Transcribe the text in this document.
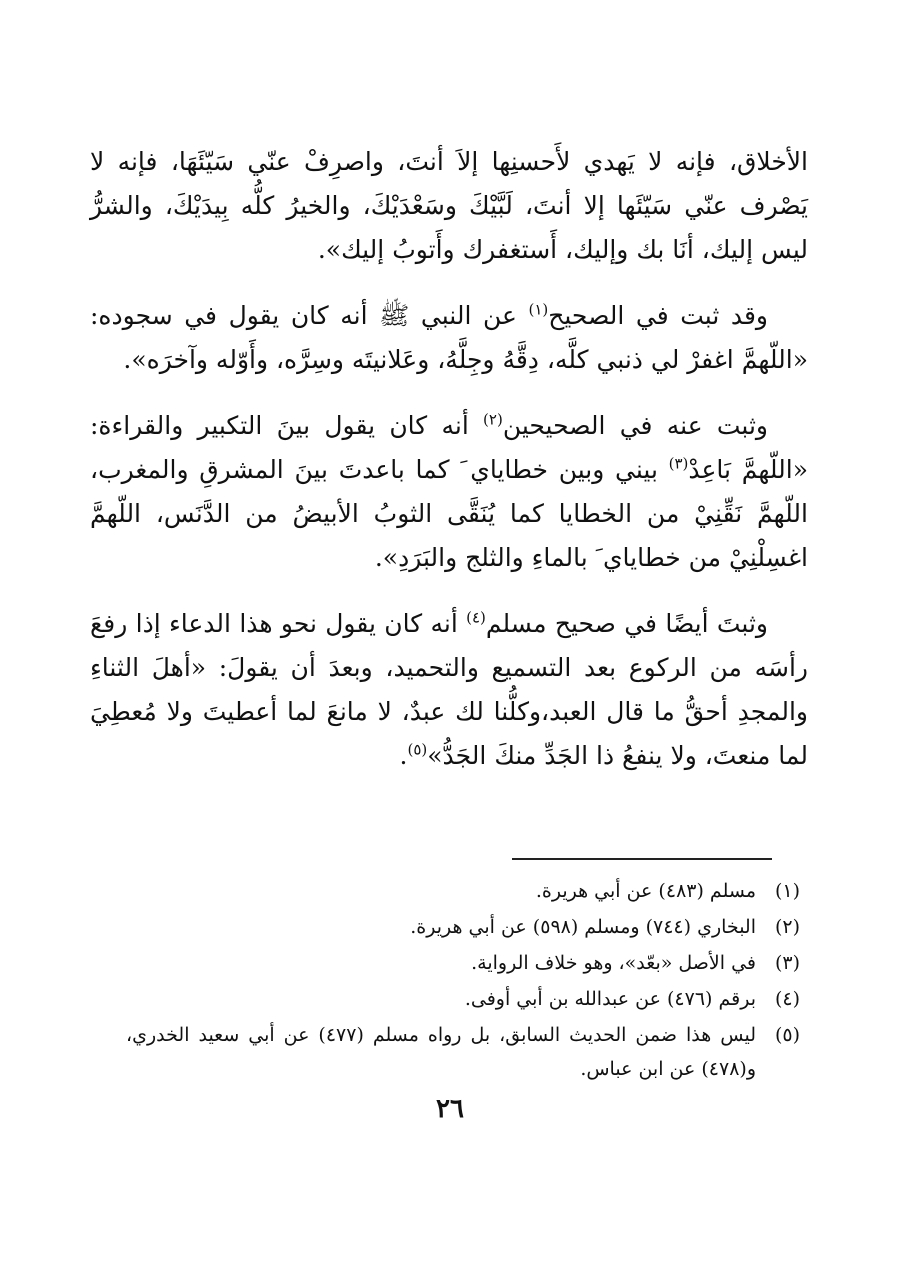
الأخلاق، فإنه لا يَهدي لأَحسنِها إلاَ أنتَ، واصرِفْ عنّي سَيّئَهَا، فإنه لا يَصْرف عنّي سَيّئَها إلا أنتَ، لَبَّيْكَ وسَعْدَيْكَ، والخيرُ كلُّه بِيدَيْكَ، والشرُّ ليس إليك، أنَا بك وإليك، أَستغفرك وأَتوبُ إليك».

وقد ثبت في الصحيح$^{(١)}$ عن النبي ﷺ أنه كان يقول في سجوده: «اللّهمَّ اغفرْ لي ذنبي كلَّه، دِقَّهُ وجِلَّهُ، وعَلانيتَه وسِرَّه، وأَوّله وآخرَه».

وثبت عنه في الصحيحين$^{(٢)}$ أنه كان يقول بينَ التكبير والقراءة: «اللّهمَّ بَاعِدْ$^{(٣)}$ بيني وبين خطاياي َ كما باعدتَ بينَ المشرقِ والمغرب، اللّهمَّ نَقِّنِيْ من الخطايا كما يُنَقَّى الثوبُ الأبيضُ من الدَّنَس، اللّهمَّ اغسِلْنِيْ من خطاياي َ بالماءِ والثلج والبَرَدِ».

وثبتَ أيضًا في صحيح مسلم$^{(٤)}$ أنه كان يقول نحو هذا الدعاء إذا رفعَ رأسَه من الركوع بعد التسميع والتحميد، وبعدَ أن يقولَ: «أهلَ الثناءِ والمجدِ أحقُّ ما قال العبد،وكلُّنا لك عبدٌ، لا مانعَ لما أعطيتَ ولا مُعطِيَ لما منعتَ، ولا ينفعُ ذا الجَدِّ منكَ الجَدُّ»$^{(٥)}$.

(١)
مسلم (٤٨٣) عن أبي هريرة.
(٢)
البخاري (٧٤٤) ومسلم (٥٩٨) عن أبي هريرة.
(٣)
في الأصل «بعّد»، وهو خلاف الرواية.
(٤)
برقم (٤٧٦) عن عبدالله بن أبي أوفى.
(٥)
ليس هذا ضمن الحديث السابق، بل رواه مسلم (٤٧٧) عن أبي سعيد الخدري، و(٤٧٨) عن ابن عباس.
٢٦
